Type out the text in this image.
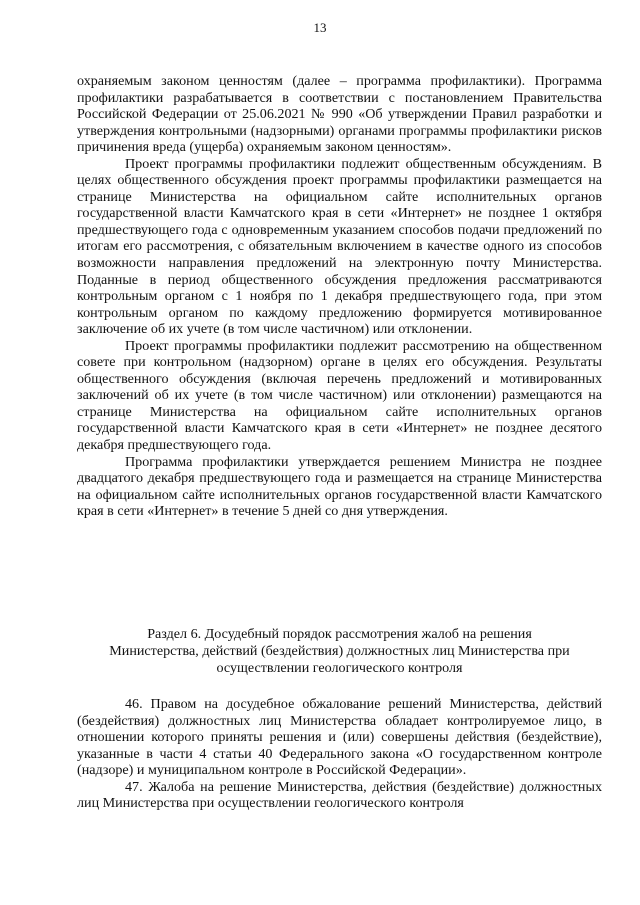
13

охраняемым законом ценностям (далее – программа профилактики). Программа профилактики разрабатывается в соответствии с постановлением Правительства Российской Федерации от 25.06.2021 № 990 «Об утверждении Правил разработки и утверждения контрольными (надзорными) органами программы профилактики рисков причинения вреда (ущерба) охраняемым законом ценностям».

Проект программы профилактики подлежит общественным обсуждениям. В целях общественного обсуждения проект программы профилактики размещается на странице Министерства на официальном сайте исполнительных органов государственной власти Камчатского края в сети «Интернет» не позднее 1 октября предшествующего года с одновременным указанием способов подачи предложений по итогам его рассмотрения, с обязательным включением в качестве одного из способов возможности направления предложений на электронную почту Министерства. Поданные в период общественного обсуждения предложения рассматриваются контрольным органом с 1 ноября по 1 декабря предшествующего года, при этом контрольным органом по каждому предложению формируется мотивированное заключение об их учете (в том числе частичном) или отклонении.

Проект программы профилактики подлежит рассмотрению на общественном совете при контрольном (надзорном) органе в целях его обсуждения. Результаты общественного обсуждения (включая перечень предложений и мотивированных заключений об их учете (в том числе частичном) или отклонении) размещаются на странице Министерства на официальном сайте исполнительных органов государственной власти Камчатского края в сети «Интернет» не позднее десятого декабря предшествующего года.

Программа профилактики утверждается решением Министра не позднее двадцатого декабря предшествующего года и размещается на странице Министерства на официальном сайте исполнительных органов государственной власти Камчатского края в сети «Интернет» в течение 5 дней со дня утверждения.

Раздел 6. Досудебный порядок рассмотрения жалоб на решения
Министерства, действий (бездействия) должностных лиц Министерства при
осуществлении геологического контроля

46. Правом на досудебное обжалование решений Министерства, действий (бездействия) должностных лиц Министерства обладает контролируемое лицо, в отношении которого приняты решения и (или) совершены действия (бездействие), указанные в части 4 статьи 40 Федерального закона «О государственном контроле (надзоре) и муниципальном контроле в Российской Федерации».

47. Жалоба на решение Министерства, действия (бездействие) должностных лиц Министерства при осуществлении геологического контроля
